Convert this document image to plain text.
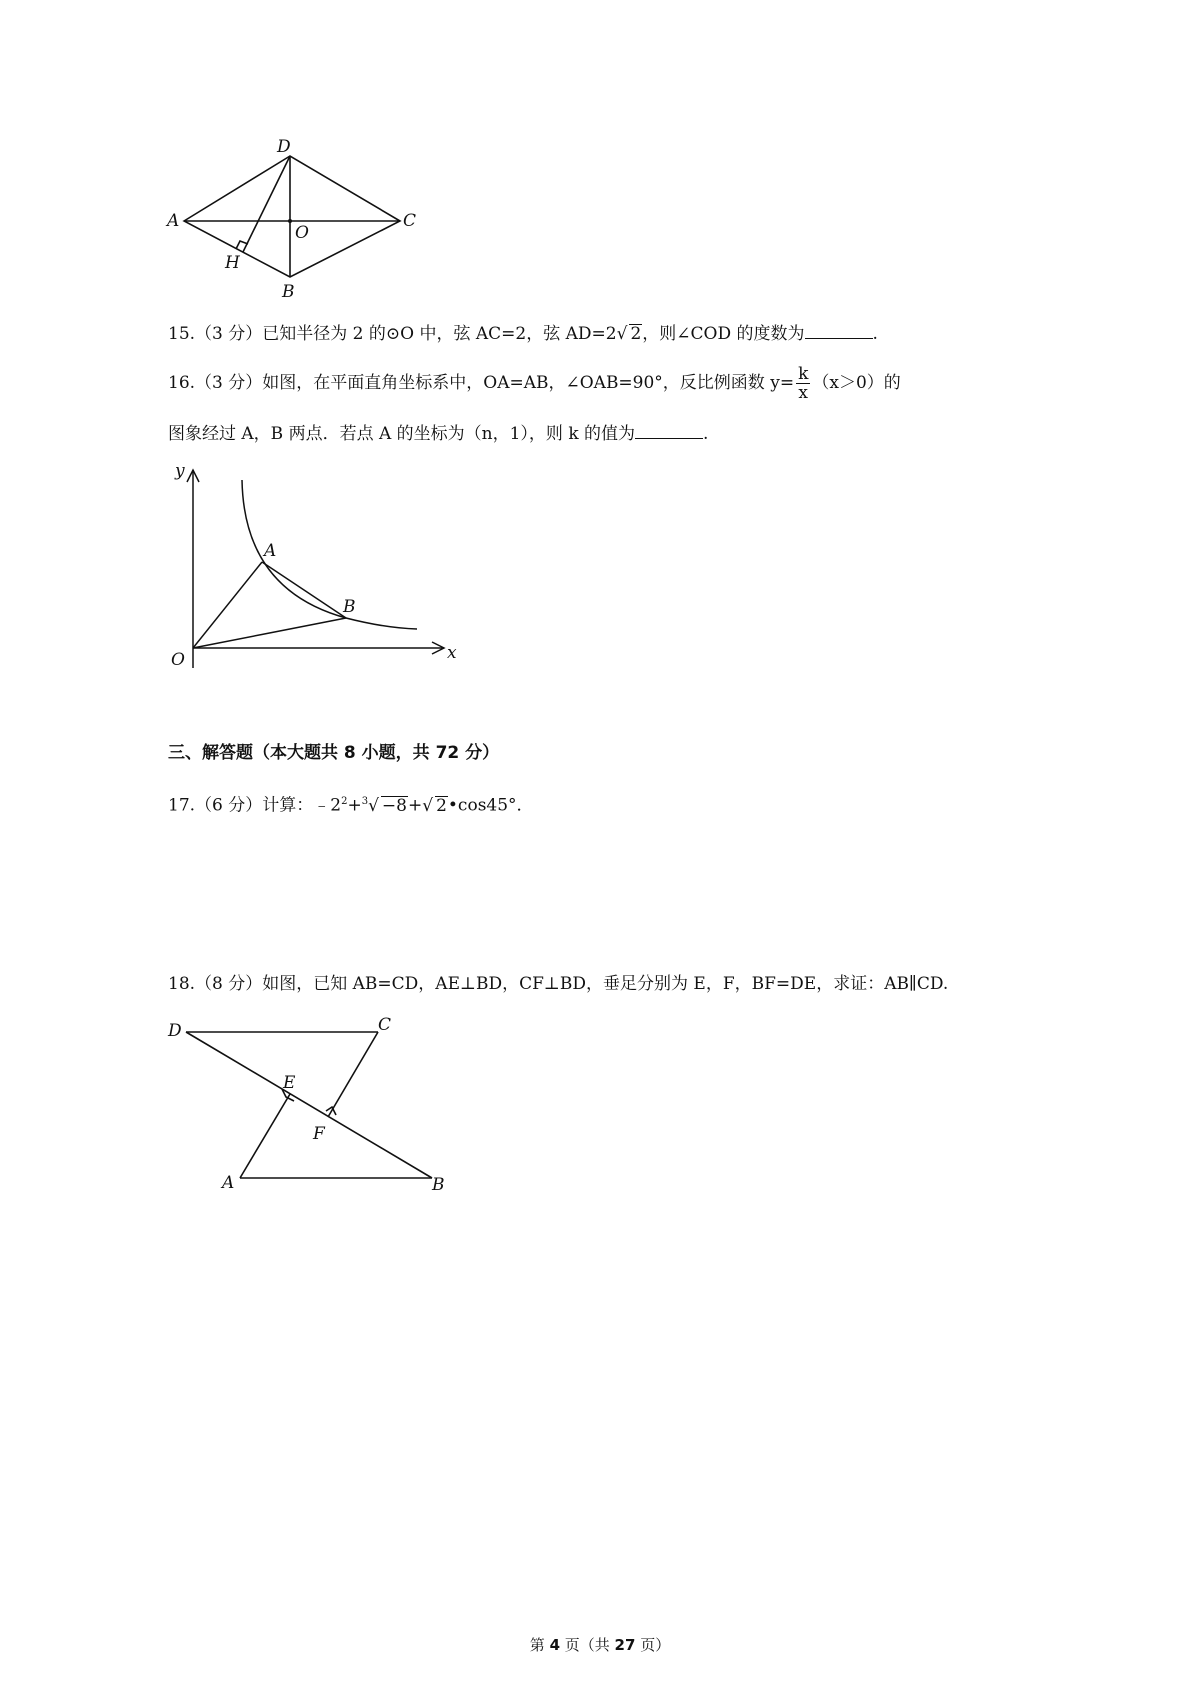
D
A
O
C
H
B
15.（3 分）已知半径为 2 的⊙O 中，弦 AC=2，弦 AD=2√ 2，则∠COD 的度数为	.
16.（3 分）如图，在平面直角坐标系中，OA=AB，∠OAB=90°，反比例函数 $y= \frac{k}{x} (x>0)$的
图象经过 A，B 两点．若点 A 的坐标为（n，1），则 k 的值为	.
y
x
O
A
B
三、解答题（本大题共 8 小题，共 72 分）
17.（6 分）计算：$﹣2^2+^3√ -8+√$ 2•cos45°．
18.（8 分）如图，已知 AB=CD，AE⊥BD，CF⊥BD，垂足分别为 E，F，BF=DE，求证：AB∥CD.
D	C
E
F
A	B
第 4 页（共 27 页）
